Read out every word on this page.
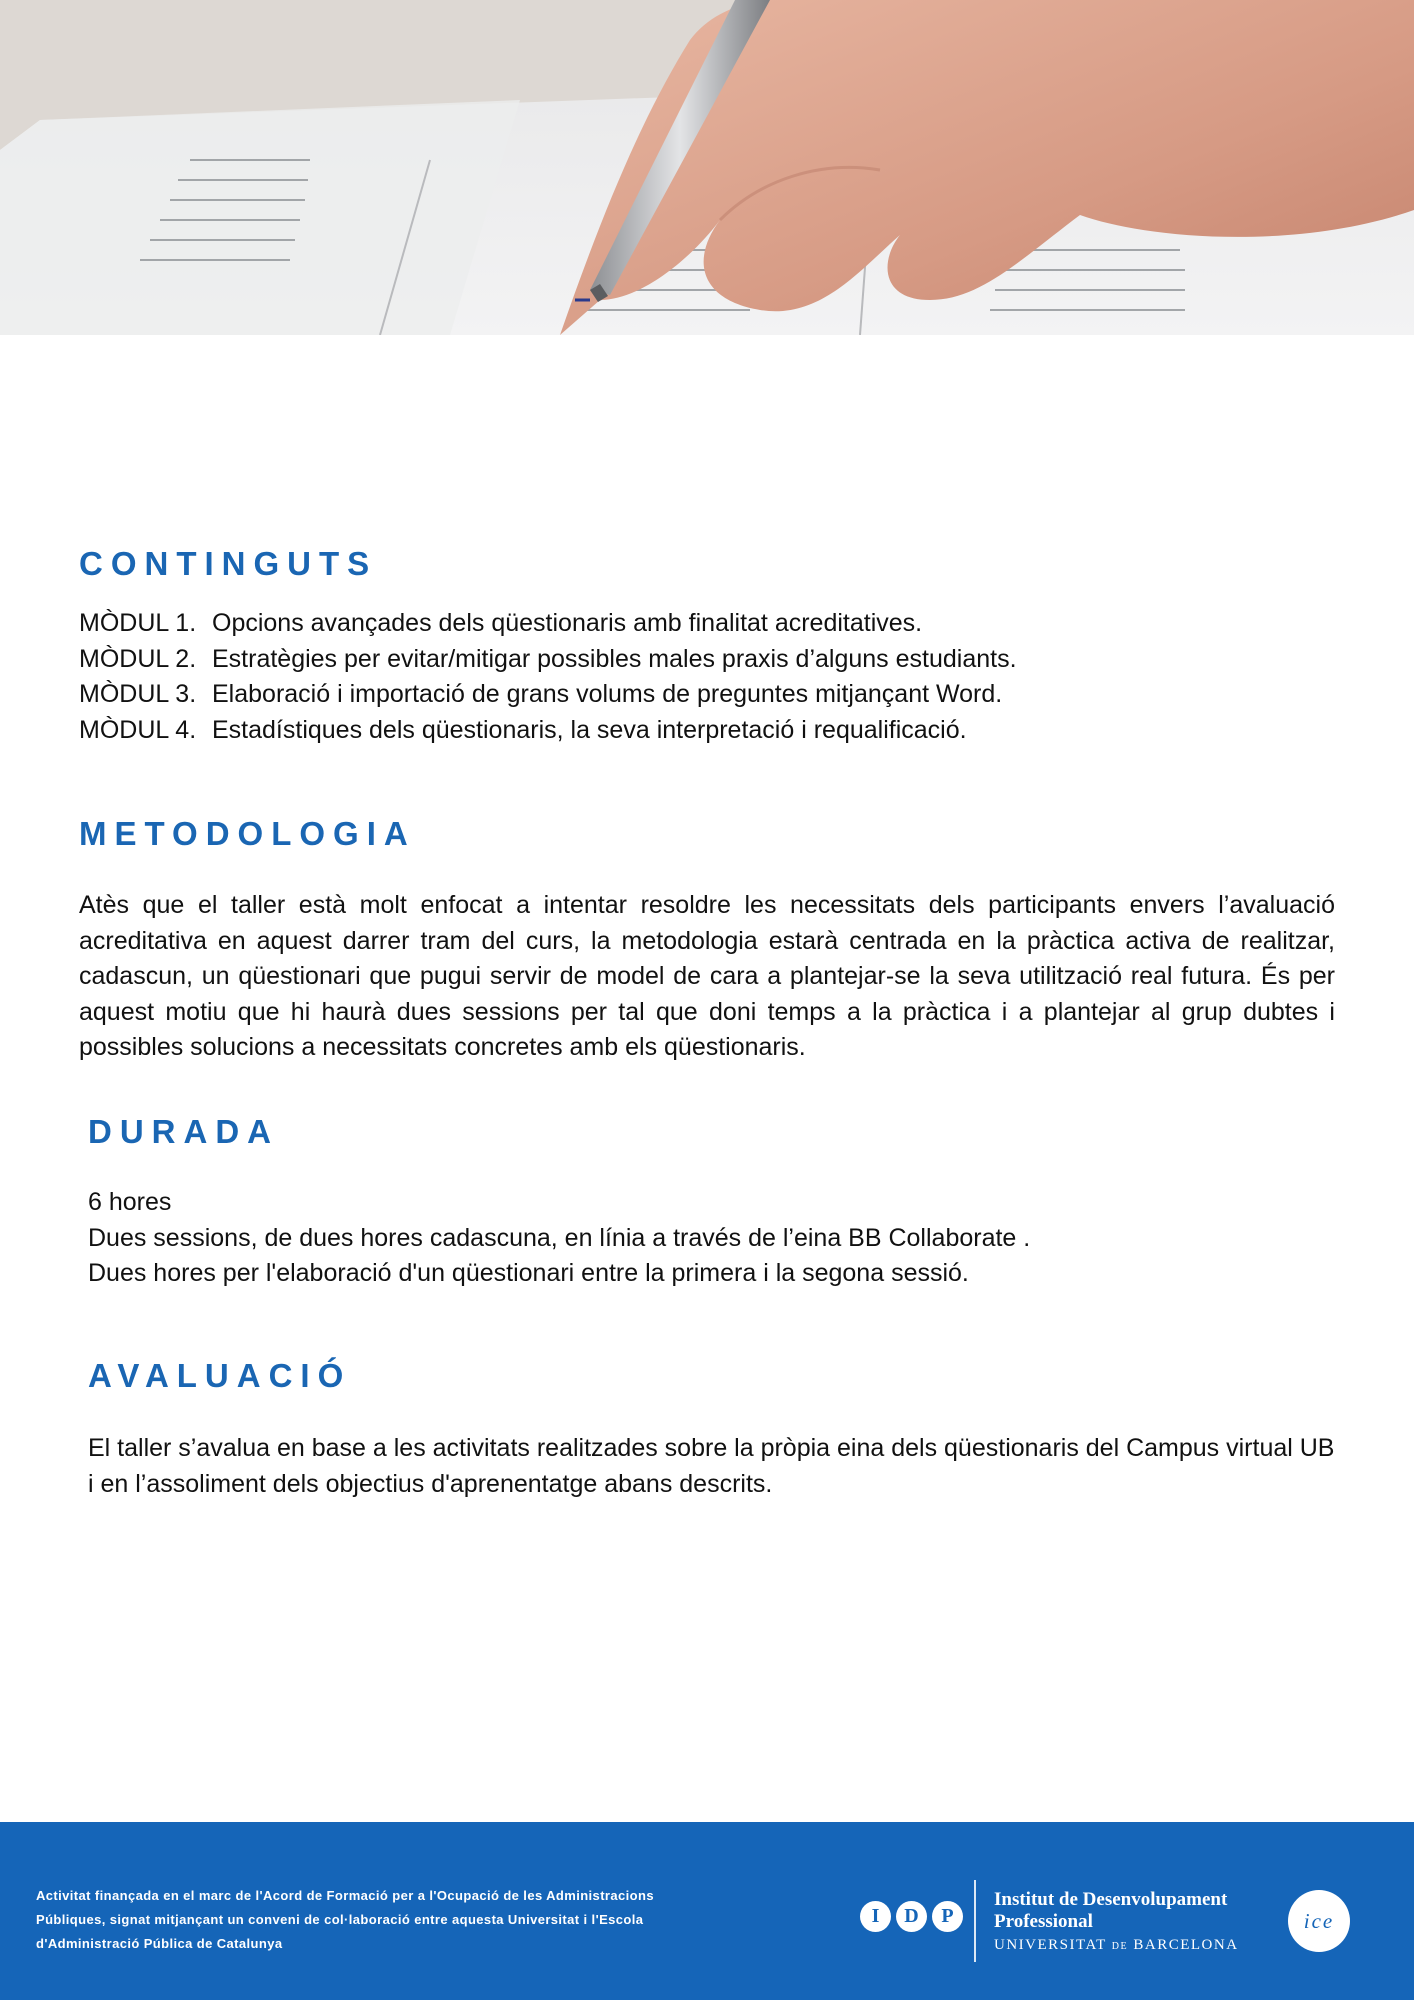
CONTINGUTS
MÒDUL 1. Opcions avançades dels qüestionaris amb finalitat acreditatives.
MÒDUL 2. Estratègies per evitar/mitigar possibles males praxis d’alguns estudiants.
MÒDUL 3. Elaboració i importació de grans volums de preguntes mitjançant Word.
MÒDUL 4. Estadístiques dels qüestionaris, la seva interpretació i requalificació.
METODOLOGIA

Atès que el taller està molt enfocat a intentar resoldre les necessitats dels participants envers l’avaluació acreditativa en aquest darrer tram del curs, la metodologia estarà centrada en la pràctica activa de realitzar, cadascun, un qüestionari que pugui servir de model de cara a plantejar-se la seva utilització real futura. És per aquest motiu que hi haurà dues sessions per tal que doni temps a la pràctica i a plantejar al grup dubtes i possibles solucions a necessitats concretes amb els qüestionaris.

DURADA
6 hores
Dues sessions, de dues hores cadascuna, en línia a través de l’eina BB Collaborate .
Dues hores per l'elaboració d'un qüestionari entre la primera i la segona sessió.
AVALUACIÓ
El taller s’avalua en base a les activitats realitzades sobre la pròpia eina dels qüestionaris del Campus virtual UB
i en l’assoliment dels objectius d'aprenentatge abans descrits.
Activitat finançada en el marc de l'Acord de Formació per a l'Ocupació de les Administracions
Públiques, signat mitjançant un conveni de col·laboració entre aquesta Universitat i l'Escola
d'Administració Pública de Catalunya
I	D	P
Institut de Desenvolupament
Professional
UNIVERSITAT DE BARCELONA
ice
